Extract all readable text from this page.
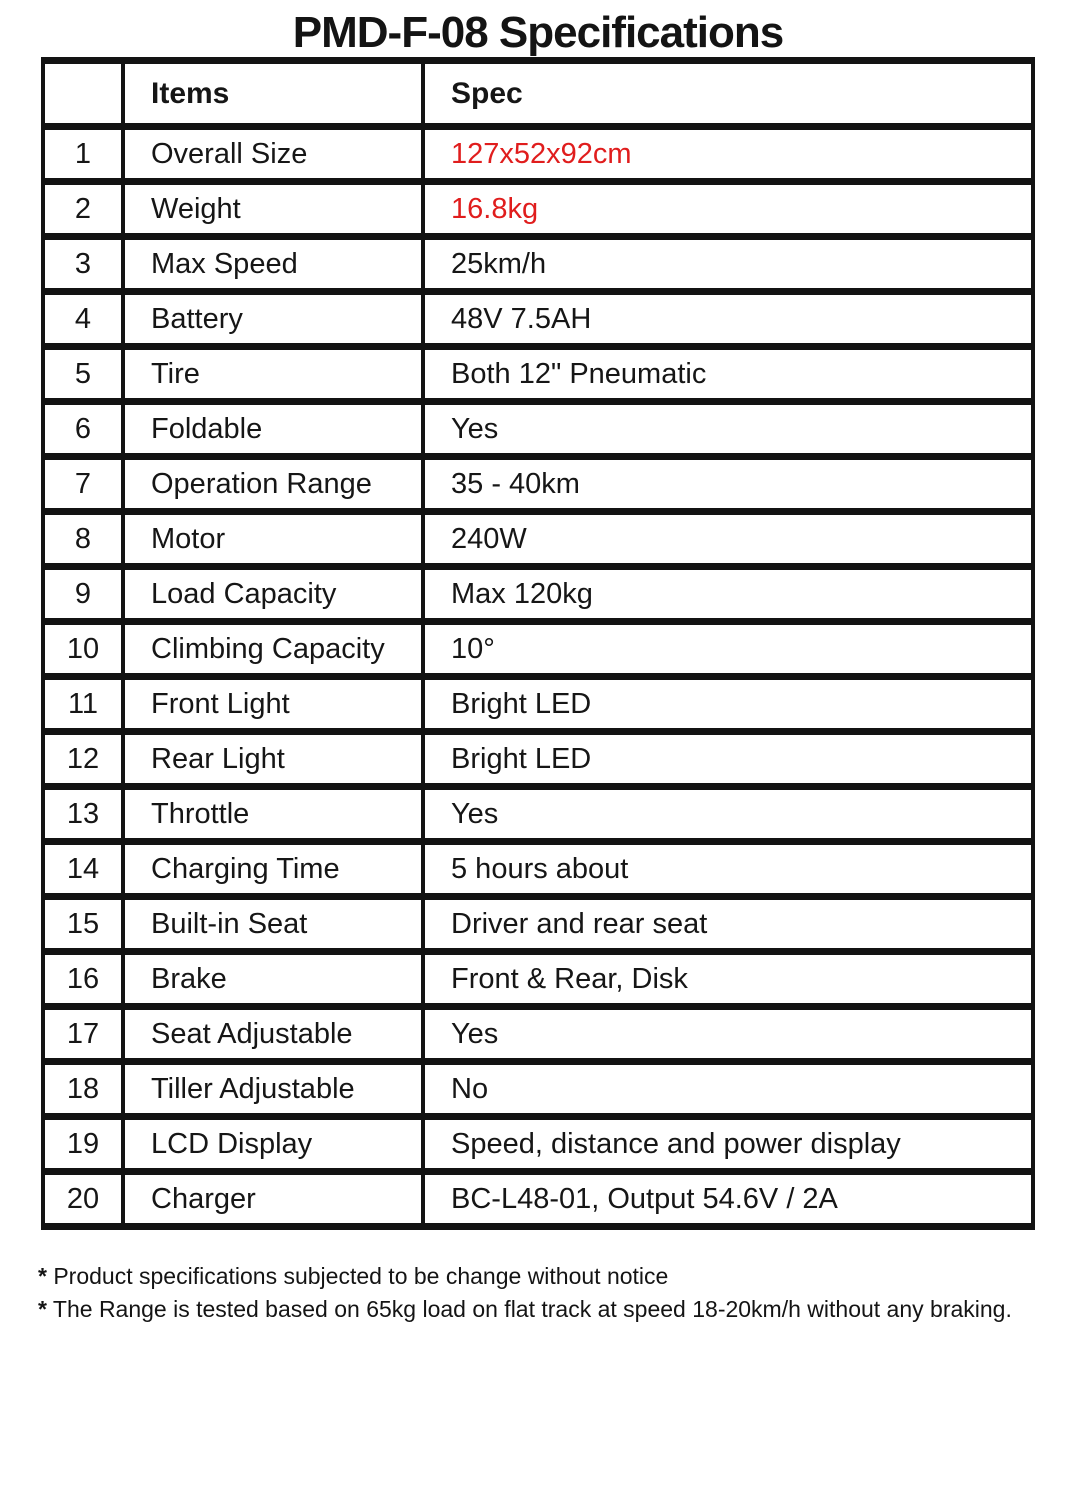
PMD-F-08 Specifications
	Items	Spec
1	Overall Size	127x52x92cm
2	Weight	16.8kg
3	Max Speed	25km/h
4	Battery	48V 7.5AH
5	Tire	Both 12" Pneumatic
6	Foldable	Yes
7	Operation Range	35 - 40km
8	Motor	240W
9	Load Capacity	Max 120kg
10	Climbing Capacity	10°
11	Front Light	Bright LED
12	Rear Light	Bright LED
13	Throttle	Yes
14	Charging Time	5 hours about
15	Built-in Seat	Driver and rear seat
16	Brake	Front & Rear, Disk
17	Seat Adjustable	Yes
18	Tiller Adjustable	No
19	LCD Display	Speed, distance and power display
20	Charger	BC-L48-01, Output 54.6V / 2A
* Product specifications subjected to be change without notice
* The Range is tested based on 65kg load on flat track at speed 18-20km/h without any braking.
